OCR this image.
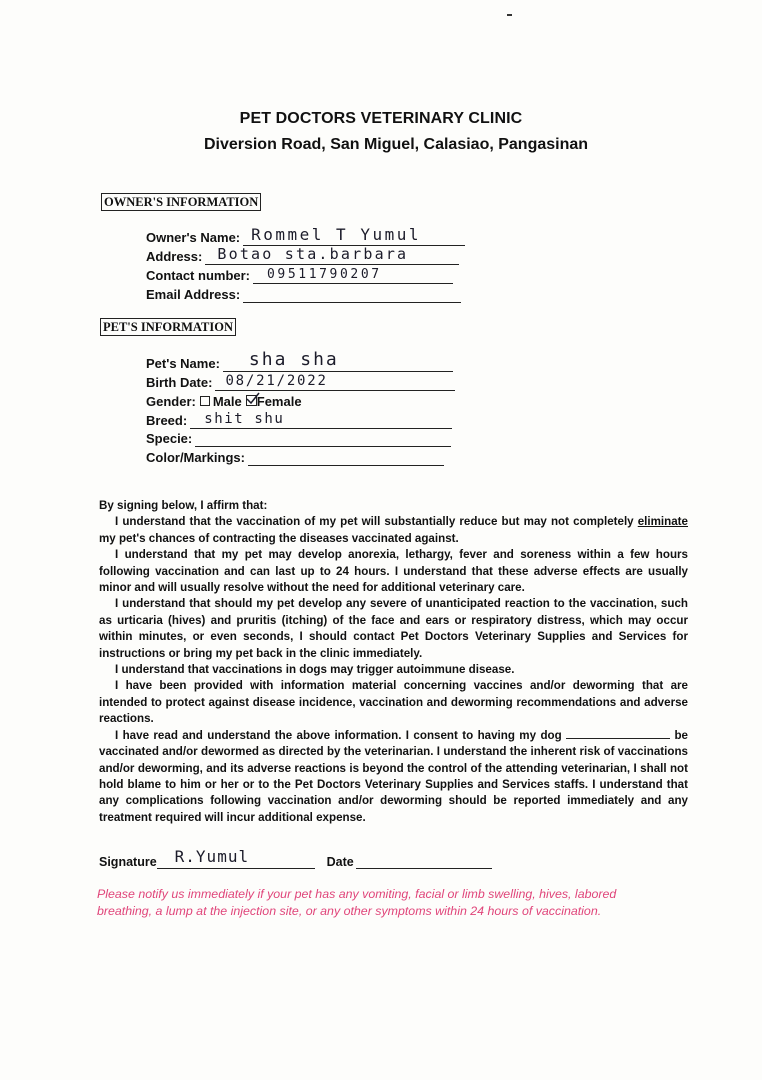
PET DOCTORS VETERINARY CLINIC
Diversion Road, San Miguel, Calasiao, Pangasinan
OWNER'S INFORMATION
Owner's Name: Rommel T Yumul
Address: Botao sta.barbara
Contact number: 09511790207
Email Address:
PET'S INFORMATION
Pet's Name: sha sha
Birth Date: 08/21/2022
Gender: Male Female
Breed: shit shu
Specie:
Color/Markings:

By signing below, I affirm that:

I understand that the vaccination of my pet will substantially reduce but may not completely eliminate my pet's chances of contracting the diseases vaccinated against.

I understand that my pet may develop anorexia, lethargy, fever and soreness within a few hours following vaccination and can last up to 24 hours. I understand that these adverse effects are usually minor and will usually resolve without the need for additional veterinary care.

I understand that should my pet develop any severe of unanticipated reaction to the vaccination, such as urticaria (hives) and pruritis (itching) of the face and ears or respiratory distress, which may occur within minutes, or even seconds, I should contact Pet Doctors Veterinary Supplies and Services for instructions or bring my pet back in the clinic immediately.

I understand that vaccinations in dogs may trigger autoimmune disease.

I have been provided with information material concerning vaccines and/or deworming that are intended to protect against disease incidence, vaccination and deworming recommendations and adverse reactions.

I have read and understand the above information. I consent to having my dog	be vaccinated and/or dewormed as directed by the veterinarian. I understand the inherent risk of vaccinations and/or deworming, and its adverse reactions is beyond the control of the attending veterinarian, I shall not hold blame to him or her or to the Pet Doctors Veterinary Supplies and Services staffs. I understand that any complications following vaccination and/or deworming should be reported immediately and any treatment required will incur additional expense.

Signature R.Yumul	Date
Please notify us immediately if your pet has any vomiting, facial or limb swelling, hives, labored breathing, a lump at the injection site, or any other symptoms within 24 hours of vaccination.
